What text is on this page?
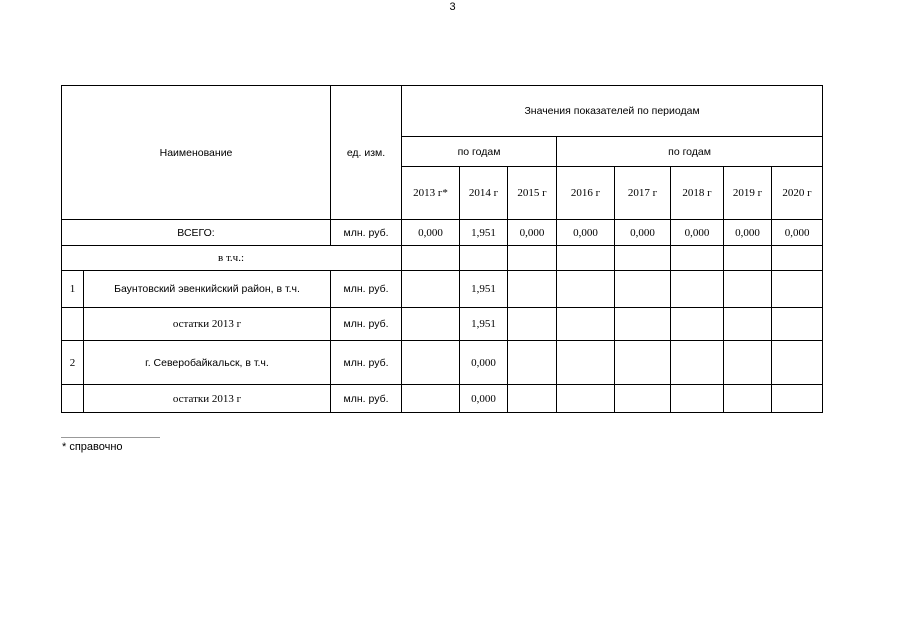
3
Наименование		ед. изм.	Значения показателей по периодам							
			по годам			по годам				
			2013 г*	2014 г	2015 г	2016 г	2017 г	2018 г	2019 г	2020 г
ВСЕГО:		млн. руб.	0,000	1,951	0,000	0,000	0,000	0,000	0,000	0,000
в т.ч.:										
1	Баунтовский эвенкийский район, в т.ч.	млн. руб.		1,951						
	остатки 2013 г	млн. руб.		1,951						
2	г. Северобайкальск, в т.ч.	млн. руб.		0,000						
	остатки 2013 г	млн. руб.		0,000						
* справочно
